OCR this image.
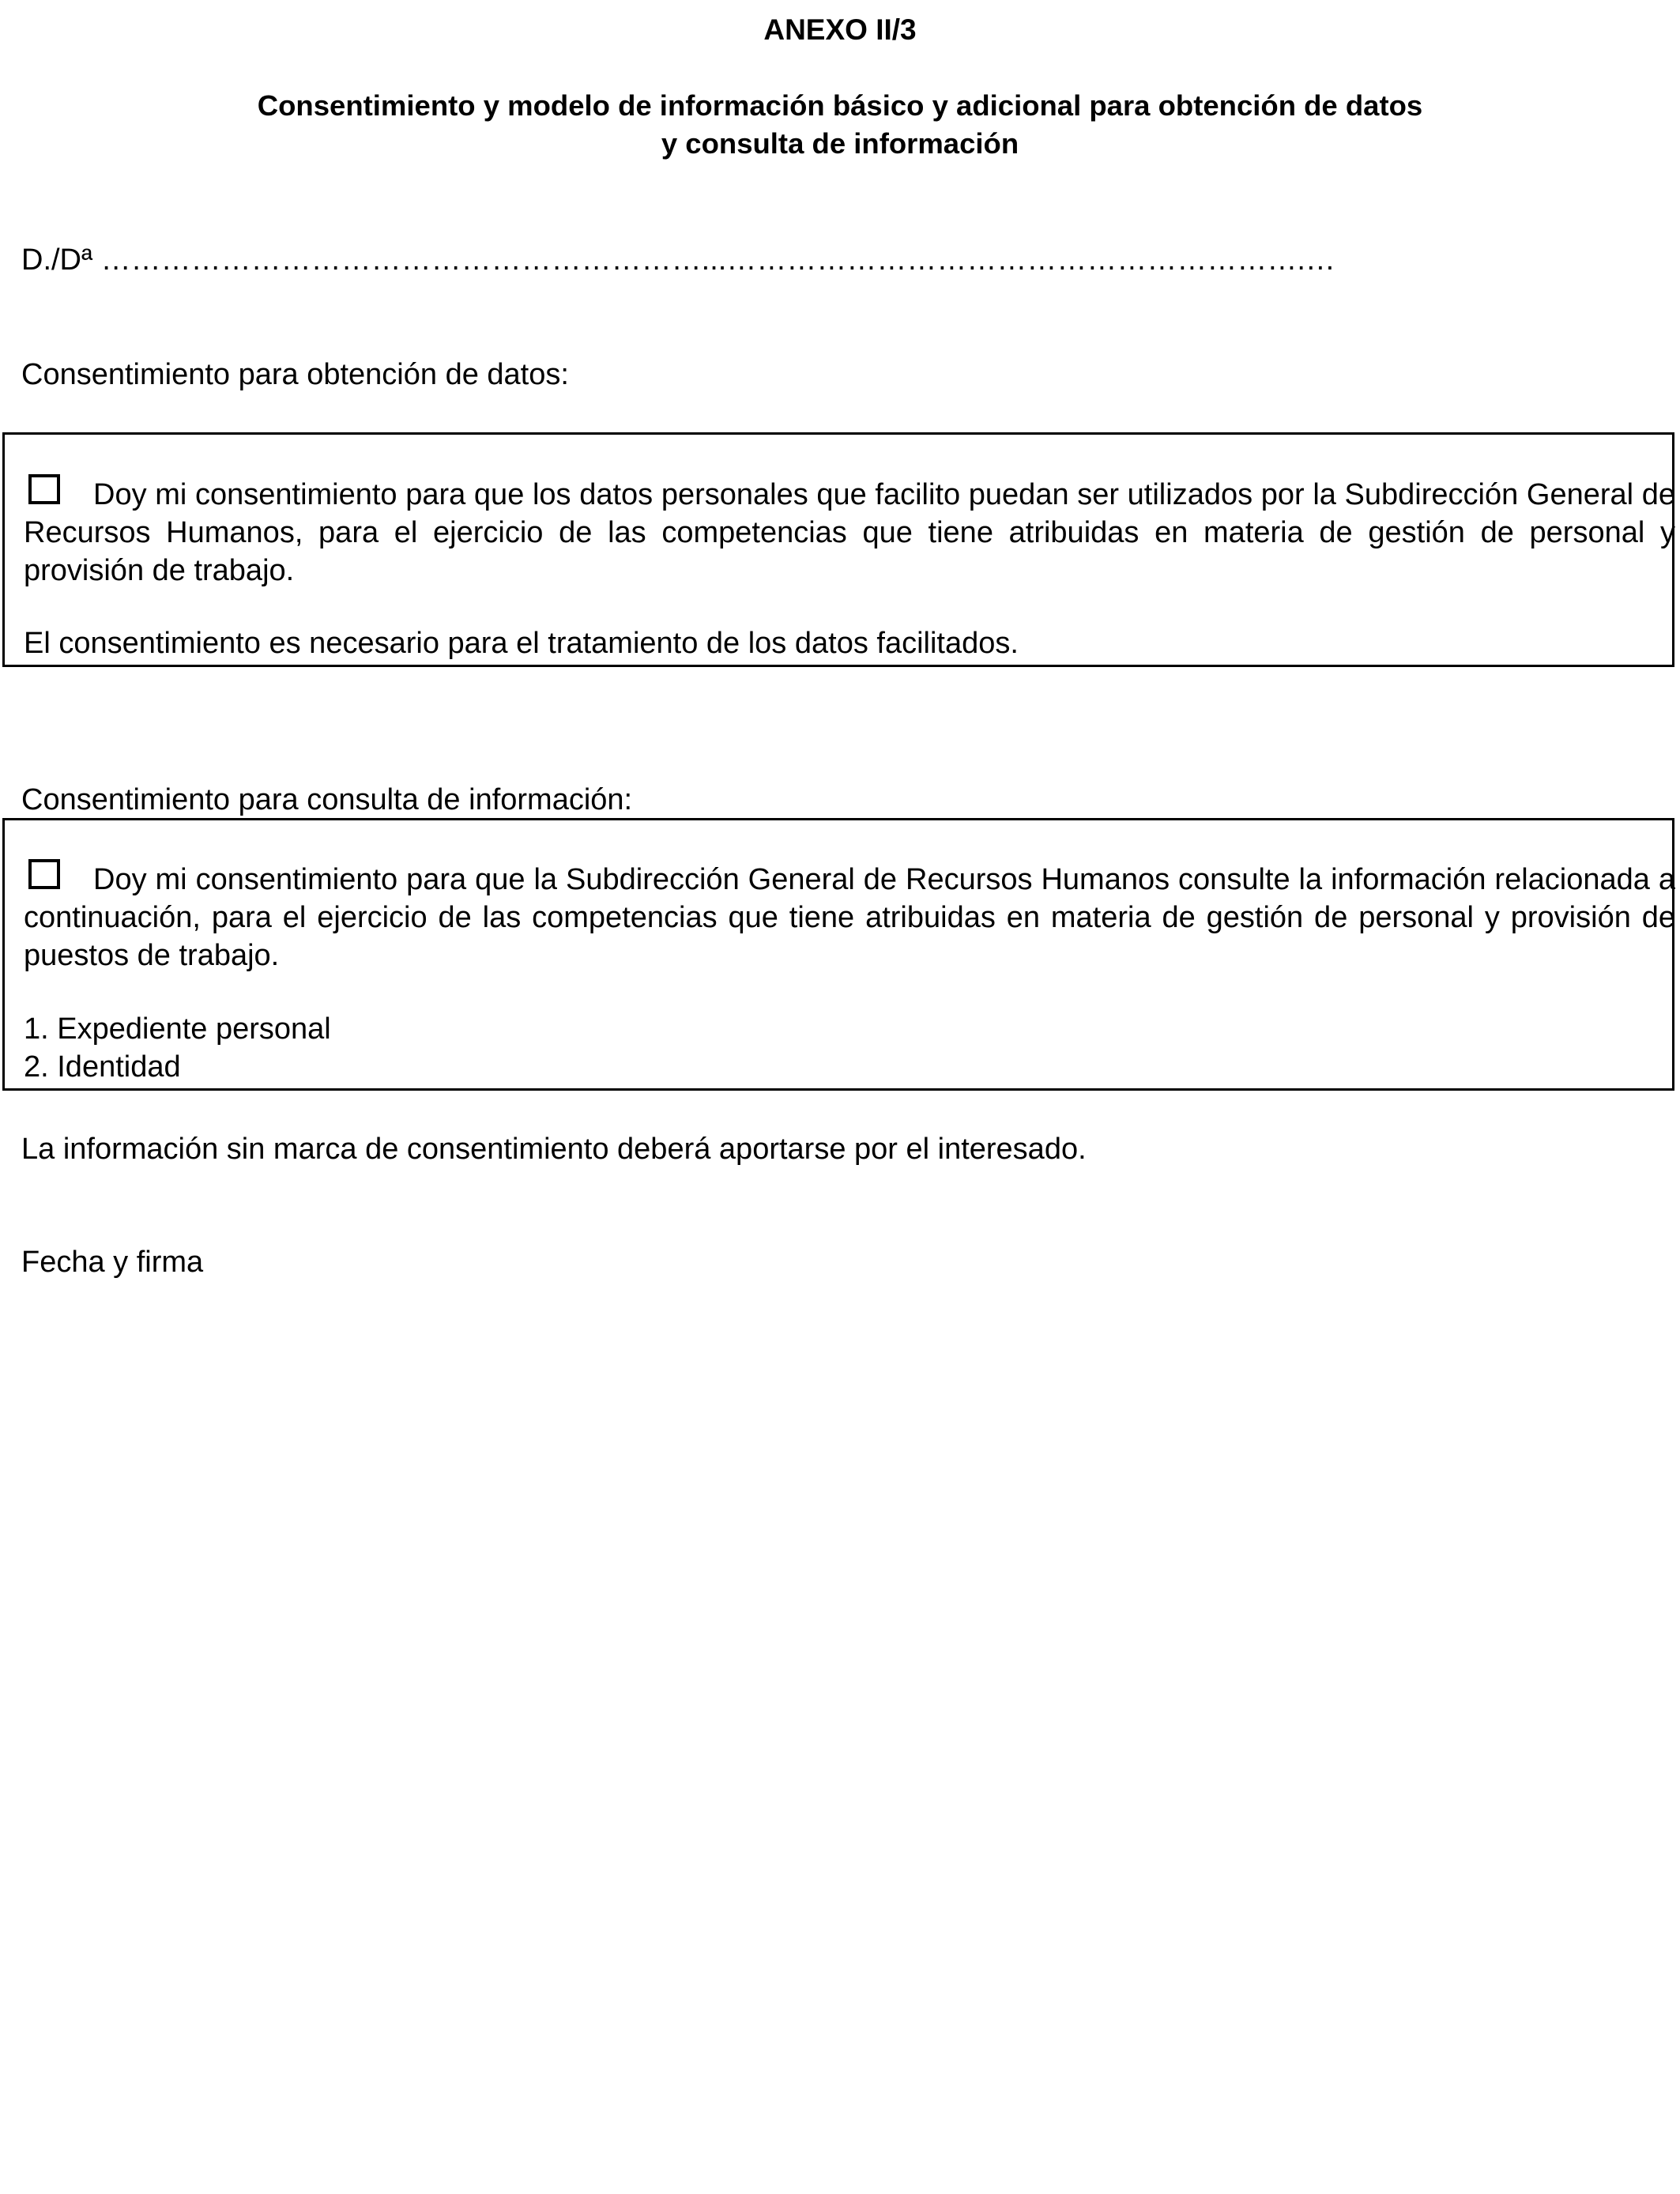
ANEXO II/3
Consentimiento y modelo de información básico y adicional para obtención de datos
y consulta de información
D./Dª ……………………………………………………...………………………………………………….…
Consentimiento para obtención de datos:
Doy mi consentimiento para que los datos personales que facilito puedan ser utilizados por la Subdirección General de Recursos Humanos, para el ejercicio de las competencias que tiene atribuidas en materia de gestión de personal y provisión de trabajo.
El consentimiento es necesario para el tratamiento de los datos facilitados.
Consentimiento para consulta de información:
Doy mi consentimiento para que la Subdirección General de Recursos Humanos consulte la información relacionada a continuación, para el ejercicio de las competencias que tiene atribuidas en materia de gestión de personal y provisión de puestos de trabajo.
1. Expediente personal
2. Identidad
La información sin marca de consentimiento deberá aportarse por el interesado.
Fecha y firma
